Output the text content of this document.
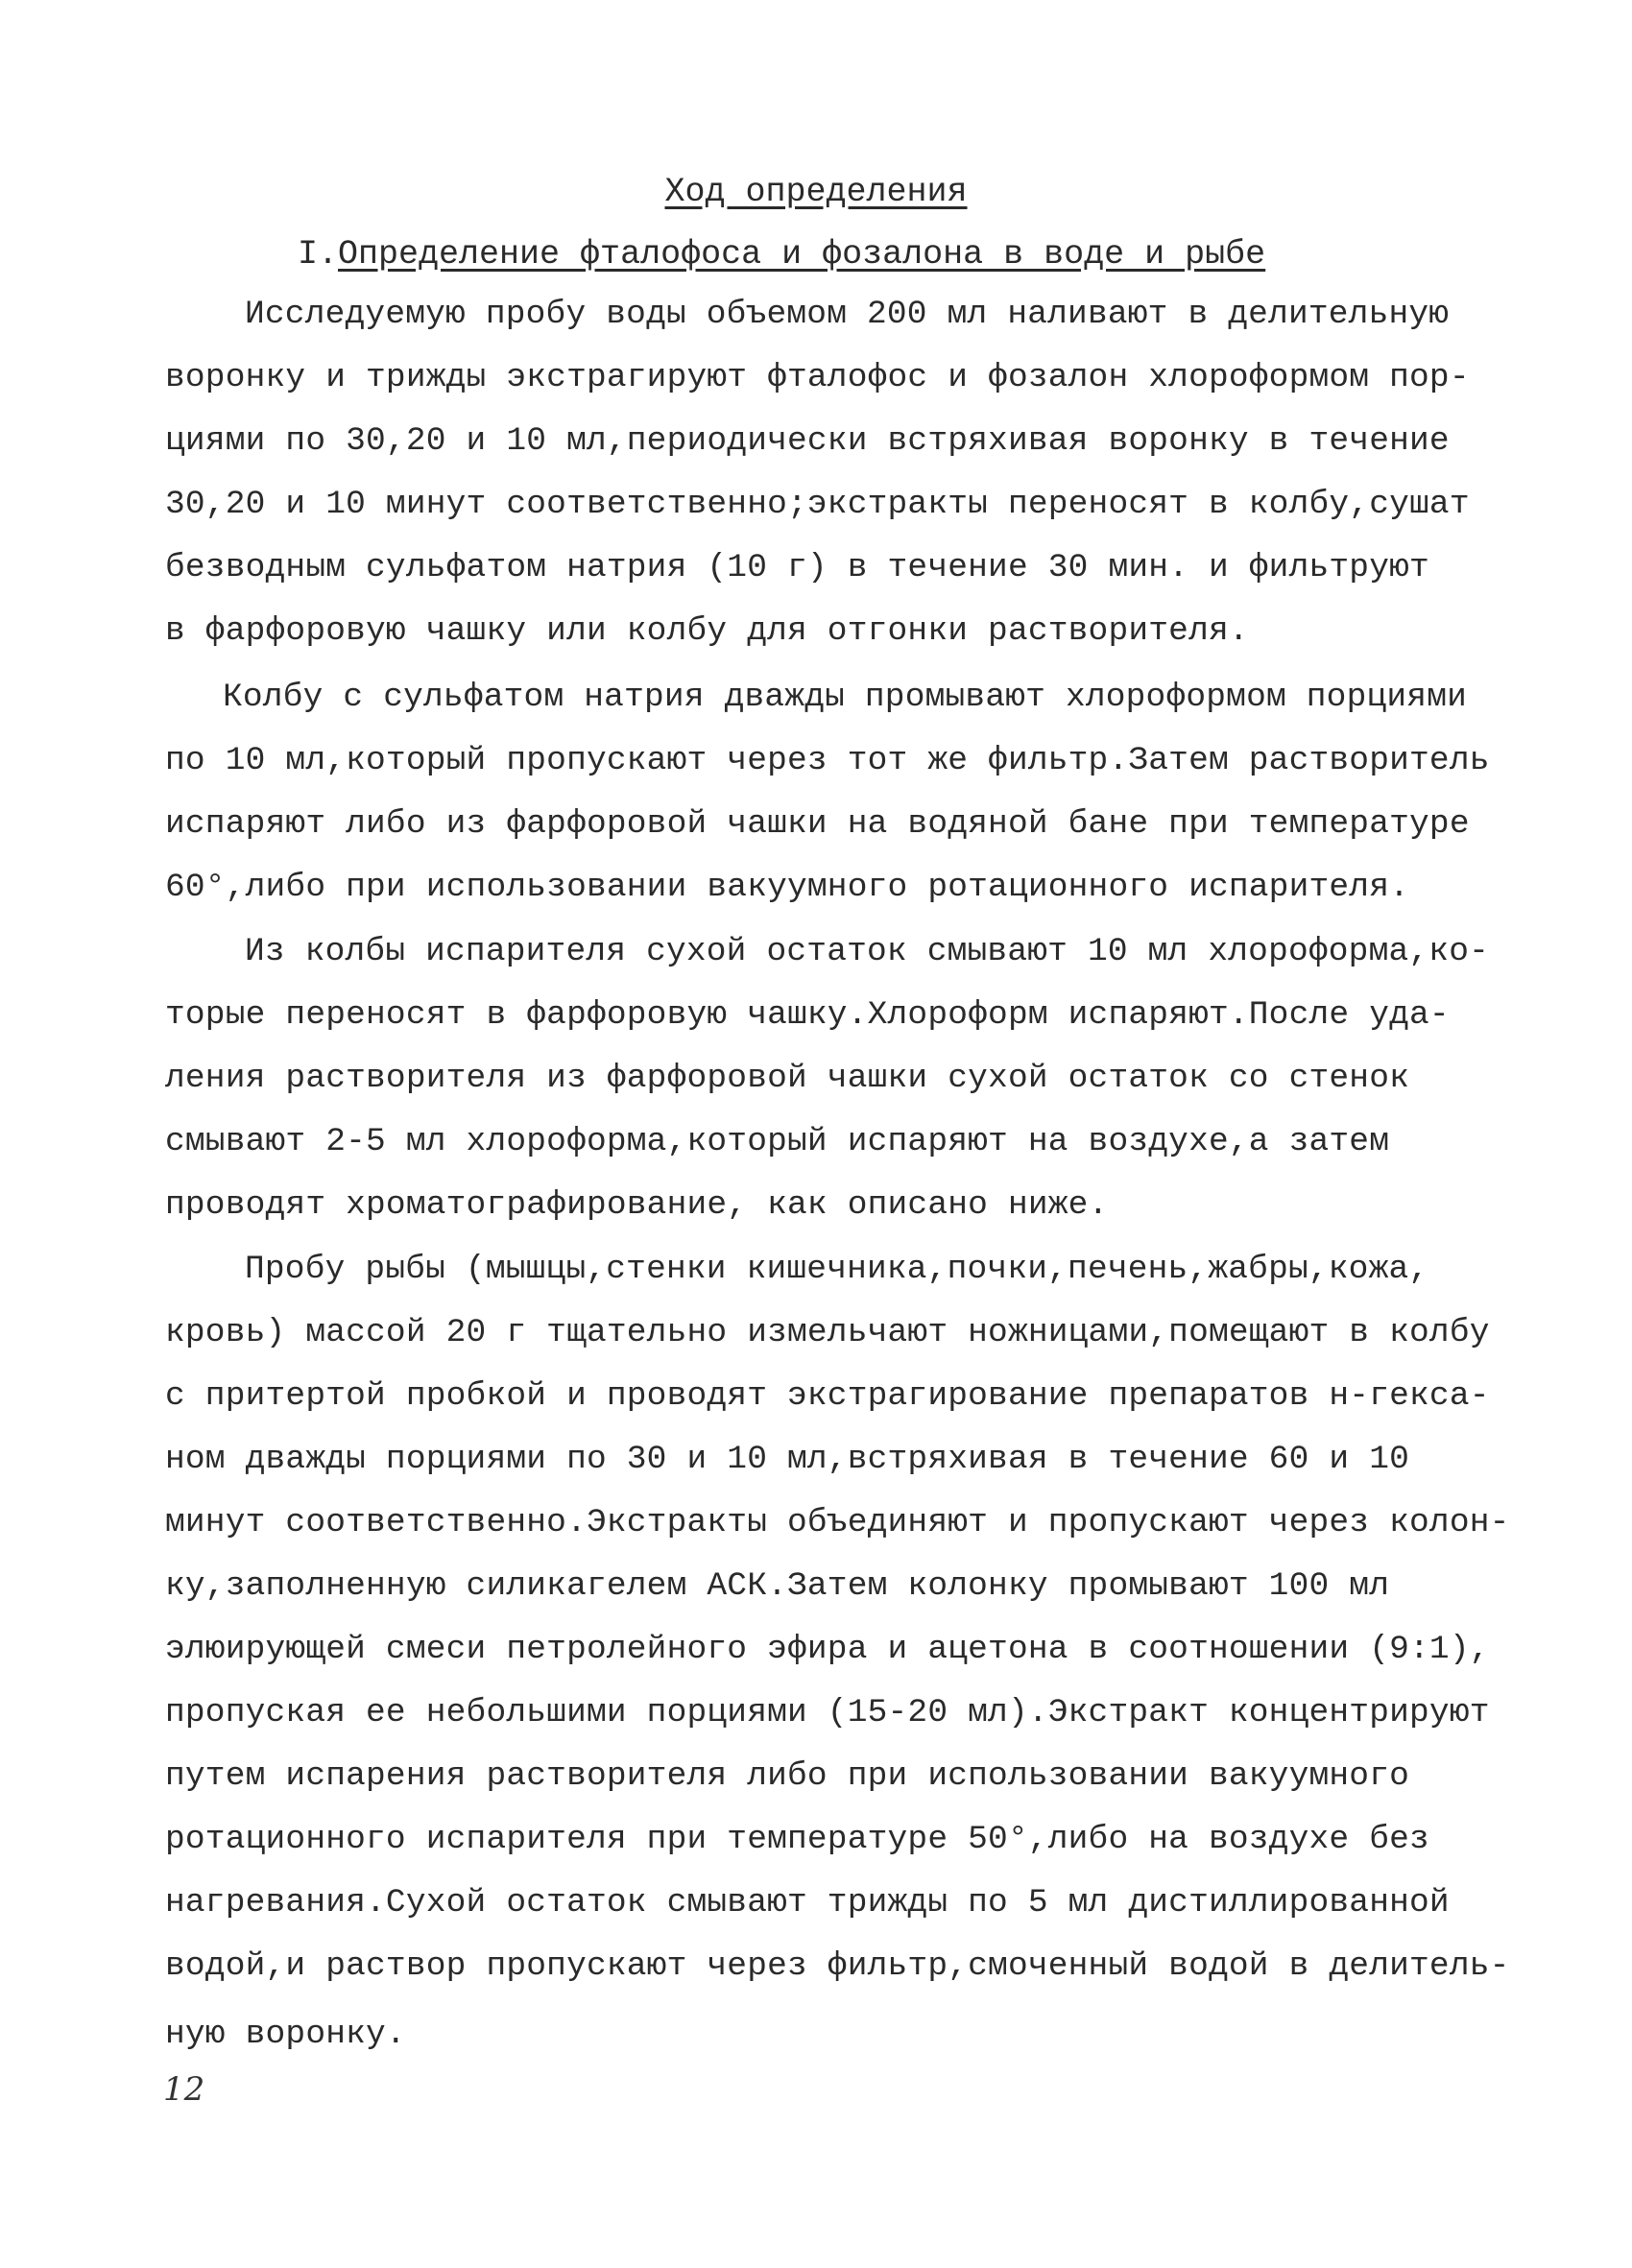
Ход определения
I.Определение фталофоса и фозалона в воде и рыбе
Исследуемую пробу воды объемом 200 мл наливают в делительную
воронку и трижды экстрагируют фталофос и фозалон хлороформом пор-
циями по 30,20 и 10 мл,периодически встряхивая воронку в течение
30,20 и 10 минут соответственно;экстракты переносят в колбу,сушат
безводным сульфатом натрия (10 г) в течение 30 мин. и фильтруют
в фарфоровую чашку или колбу для отгонки растворителя.
Колбу с сульфатом натрия дважды промывают хлороформом порциями
по 10 мл,который пропускают через тот же фильтр.Затем растворитель
испаряют либо из фарфоровой чашки на водяной бане при температуре
60°,либо при использовании вакуумного ротационного испарителя.
Из колбы испарителя сухой остаток смывают 10 мл хлороформа,ко-
торые переносят в фарфоровую чашку.Хлороформ испаряют.После уда-
ления растворителя из фарфоровой чашки сухой остаток со стенок
смывают 2-5 мл хлороформа,который испаряют на воздухе,а затем
проводят хроматографирование, как описано ниже.
Пробу рыбы (мышцы,стенки кишечника,почки,печень,жабры,кожа,
кровь) массой 20 г тщательно измельчают ножницами,помещают в колбу
с притертой пробкой и проводят экстрагирование препаратов н-гекса-
ном дважды порциями по 30 и 10 мл,встряхивая в течение 60 и 10
минут соответственно.Экстракты объединяют и пропускают через колон-
ку,заполненную силикагелем АСК.Затем колонку промывают 100 мл
элюирующей смеси петролейного эфира и ацетона в соотношении (9:1),
пропуская ее небольшими порциями (15-20 мл).Экстракт концентрируют
путем испарения растворителя либо при использовании вакуумного
ротационного испарителя при температуре 50°,либо на воздухе без
нагревания.Сухой остаток смывают трижды по 5 мл дистиллированной
водой,и раствор пропускают через фильтр,смоченный водой в делитель-
ную воронку.
12
